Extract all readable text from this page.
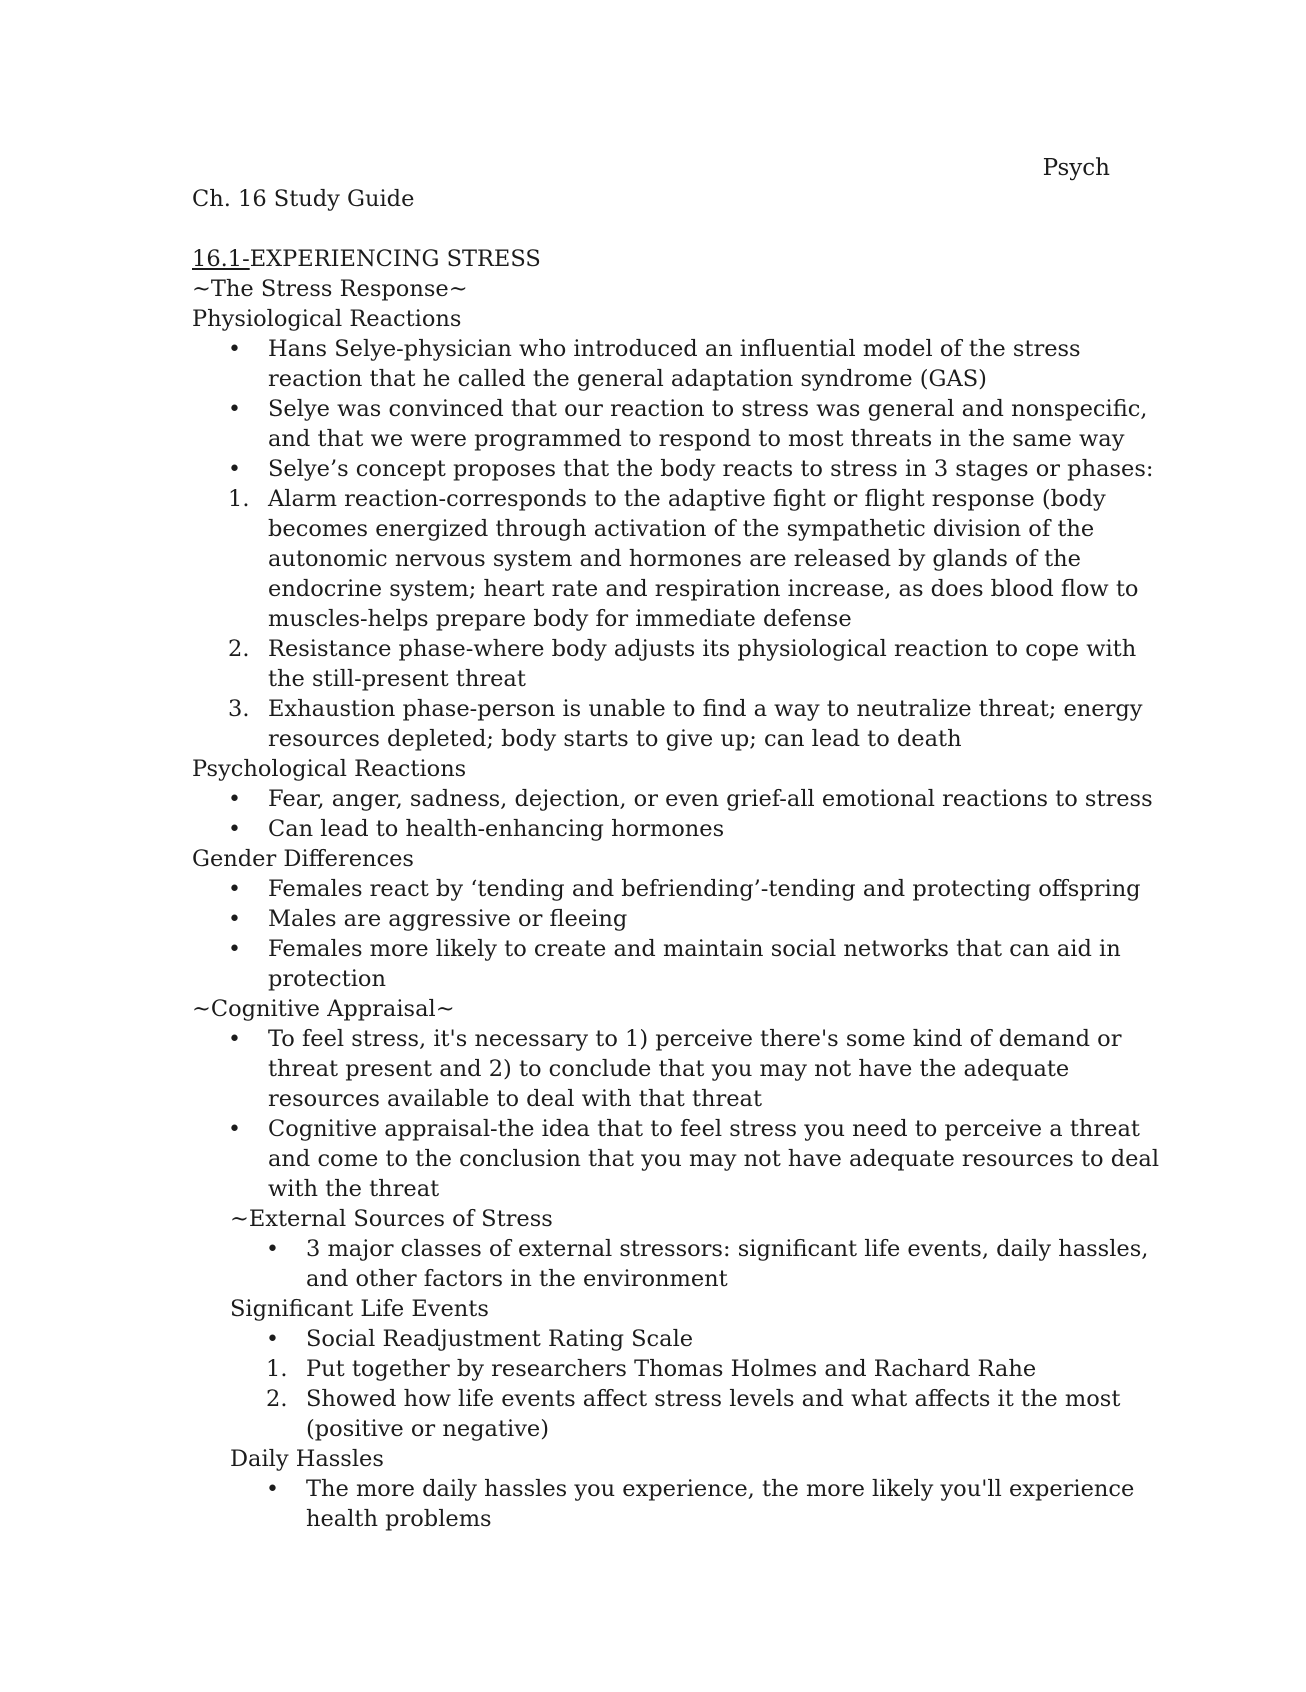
Psych
Ch. 16 Study Guide
16.1-EXPERIENCING STRESS
~The Stress Response~
Physiological Reactions
•
Hans Selye-physician who introduced an influential model of the stress
reaction that he called the general adaptation syndrome (GAS)
•
Selye was convinced that our reaction to stress was general and nonspecific,
and that we were programmed to respond to most threats in the same way
•
Selye’s concept proposes that the body reacts to stress in 3 stages or phases:
1. Alarm reaction-corresponds to the adaptive fight or flight response (body
becomes energized through activation of the sympathetic division of the
autonomic nervous system and hormones are released by glands of the
endocrine system; heart rate and respiration increase, as does blood flow to
muscles-helps prepare body for immediate defense
2. Resistance phase-where body adjusts its physiological reaction to cope with
the still-present threat
3. Exhaustion phase-person is unable to find a way to neutralize threat; energy
resources depleted; body starts to give up; can lead to death
Psychological Reactions
•
Fear, anger, sadness, dejection, or even grief-all emotional reactions to stress
•
Can lead to health-enhancing hormones
Gender Differences
•
Females react by ‘tending and befriending’-tending and protecting offspring
•
Males are aggressive or fleeing
•
Females more likely to create and maintain social networks that can aid in
protection
~Cognitive Appraisal~
•
To feel stress, it's necessary to 1) perceive there's some kind of demand or
threat present and 2) to conclude that you may not have the adequate
resources available to deal with that threat
•
Cognitive appraisal-the idea that to feel stress you need to perceive a threat
and come to the conclusion that you may not have adequate resources to deal
with the threat
~External Sources of Stress
•
3 major classes of external stressors: significant life events, daily hassles,
and other factors in the environment
Significant Life Events
•
Social Readjustment Rating Scale
1. Put together by researchers Thomas Holmes and Rachard Rahe
2. Showed how life events affect stress levels and what affects it the most
(positive or negative)
Daily Hassles
•
The more daily hassles you experience, the more likely you'll experience
health problems
